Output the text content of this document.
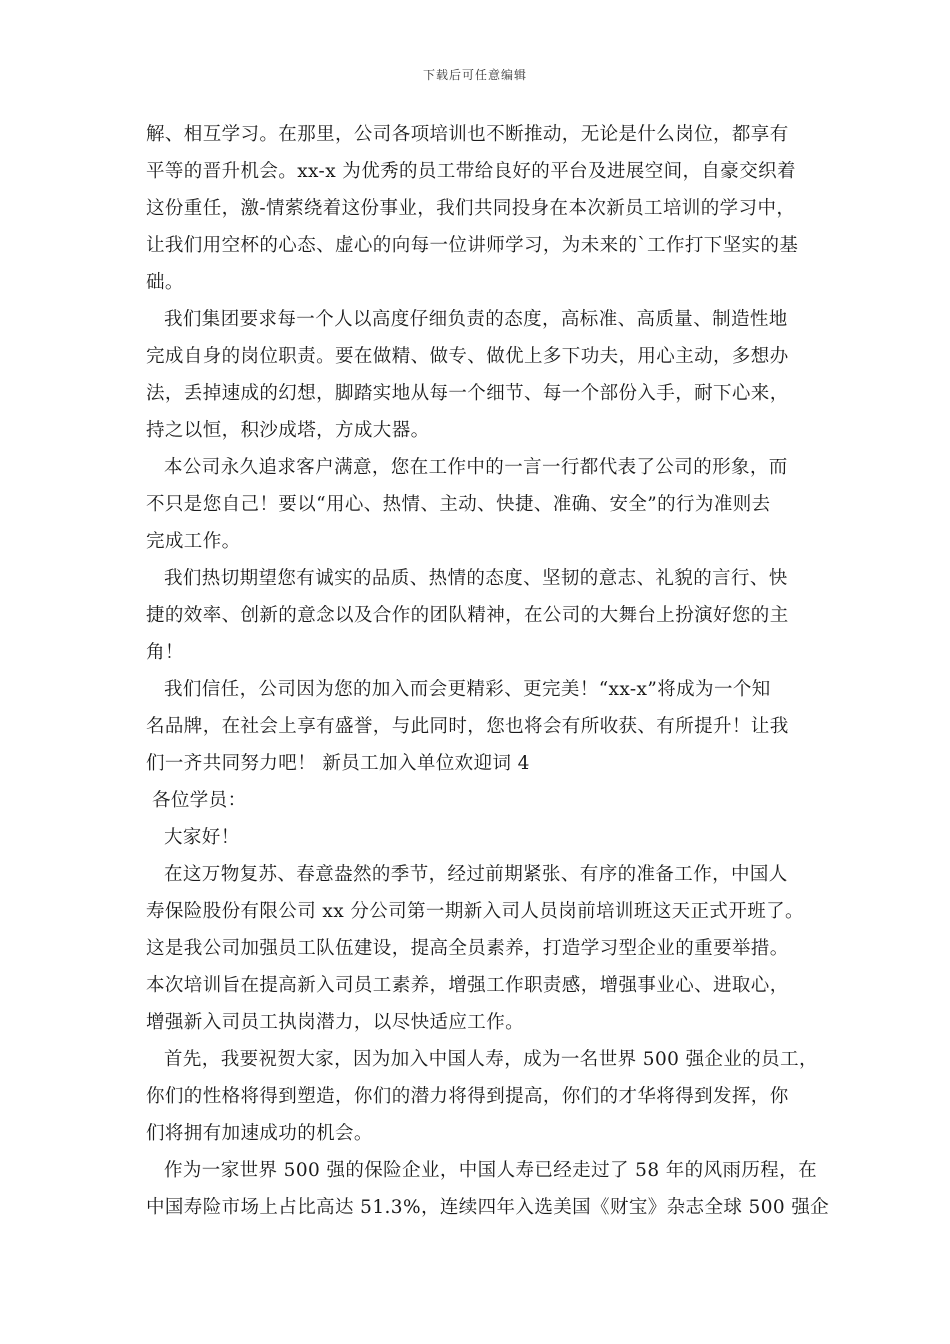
下载后可任意编辑
解、相互学习。在那里，公司各项培训也不断推动，无论是什么岗位，都享有
平等的晋升机会。xx-x 为优秀的员工带给良好的平台及进展空间，自豪交织着
这份重任，激-情萦绕着这份事业，我们共同投身在本次新员工培训的学习中，
让我们用空杯的心态、虚心的向每一位讲师学习，为未来的`工作打下坚实的基
础。
我们集团要求每一个人以高度仔细负责的态度，高标准、高质量、制造性地
完成自身的岗位职责。要在做精、做专、做优上多下功夫，用心主动，多想办
法，丢掉速成的幻想，脚踏实地从每一个细节、每一个部份入手，耐下心来，
持之以恒，积沙成塔，方成大器。
本公司永久追求客户满意，您在工作中的一言一行都代表了公司的形象，而
不只是您自己！要以“用心、热情、主动、快捷、准确、安全”的行为准则去
完成工作。
我们热切期望您有诚实的品质、热情的态度、坚韧的意志、礼貌的言行、快
捷的效率、创新的意念以及合作的团队精神，在公司的大舞台上扮演好您的主
角！
我们信任，公司因为您的加入而会更精彩、更完美！“xx-x”将成为一个知
名品牌，在社会上享有盛誉，与此同时，您也将会有所收获、有所提升！让我
们一齐共同努力吧！ 新员工加入单位欢迎词 4
各位学员：
大家好！
在这万物复苏、春意盎然的季节，经过前期紧张、有序的准备工作，中国人
寿保险股份有限公司 xx 分公司第一期新入司人员岗前培训班这天正式开班了。
这是我公司加强员工队伍建设，提高全员素养，打造学习型企业的重要举措。
本次培训旨在提高新入司员工素养，增强工作职责感，增强事业心、进取心，
增强新入司员工执岗潜力，以尽快适应工作。
首先，我要祝贺大家，因为加入中国人寿，成为一名世界 500 强企业的员工，
你们的性格将得到塑造，你们的潜力将得到提高，你们的才华将得到发挥，你
们将拥有加速成功的机会。
作为一家世界 500 强的保险企业，中国人寿已经走过了 58 年的风雨历程，在
中国寿险市场上占比高达 51.3%，连续四年入选美国《财宝》杂志全球 500 强企
